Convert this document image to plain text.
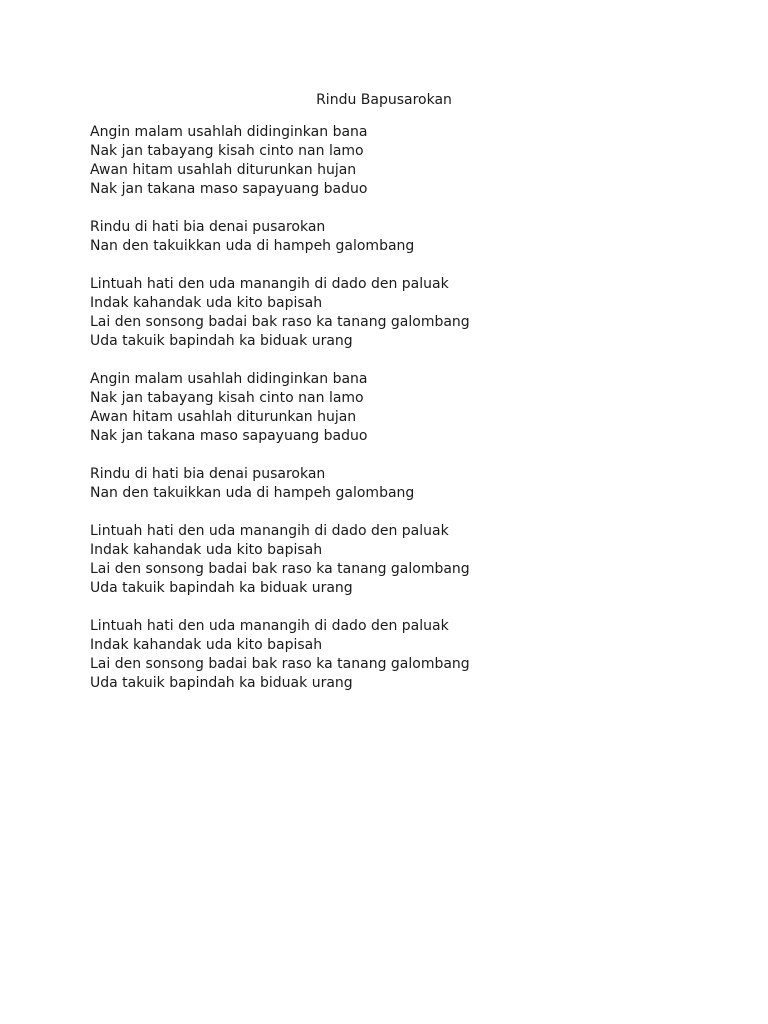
Rindu Bapusarokan
Angin malam usahlah didinginkan bana
Nak jan tabayang kisah cinto nan lamo
Awan hitam usahlah diturunkan hujan
Nak jan takana maso sapayuang baduo
Rindu di hati bia denai pusarokan
Nan den takuikkan uda di hampeh galombang
Lintuah hati den uda manangih di dado den paluak
Indak kahandak uda kito bapisah
Lai den sonsong badai bak raso ka tanang galombang
Uda takuik bapindah ka biduak urang
Angin malam usahlah didinginkan bana
Nak jan tabayang kisah cinto nan lamo
Awan hitam usahlah diturunkan hujan
Nak jan takana maso sapayuang baduo
Rindu di hati bia denai pusarokan
Nan den takuikkan uda di hampeh galombang
Lintuah hati den uda manangih di dado den paluak
Indak kahandak uda kito bapisah
Lai den sonsong badai bak raso ka tanang galombang
Uda takuik bapindah ka biduak urang
Lintuah hati den uda manangih di dado den paluak
Indak kahandak uda kito bapisah
Lai den sonsong badai bak raso ka tanang galombang
Uda takuik bapindah ka biduak urang
